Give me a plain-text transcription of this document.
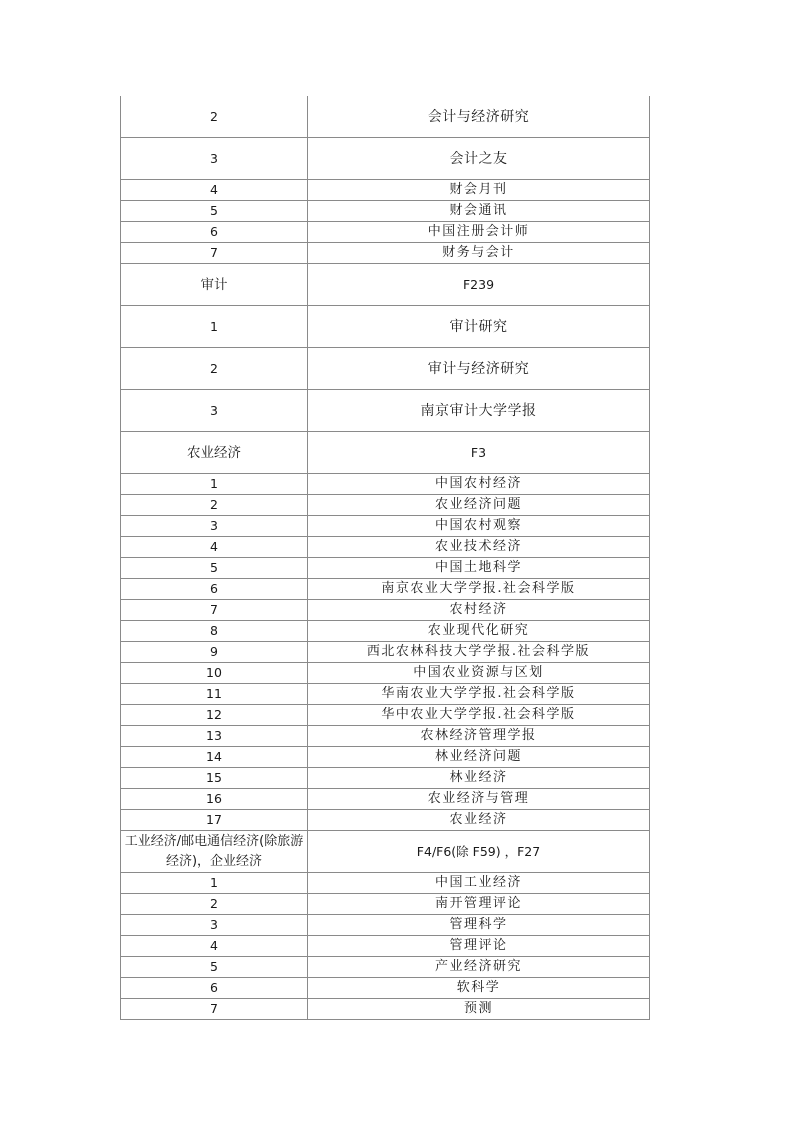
2	会计与经济研究
3	会计之友
4	财会月刊
5	财会通讯
6	中国注册会计师
7	财务与会计
审计	F239
1	审计研究
2	审计与经济研究
3	南京审计大学学报
农业经济	F3
1	中国农村经济
2	农业经济问题
3	中国农村观察
4	农业技术经济
5	中国土地科学
6	南京农业大学学报.社会科学版
7	农村经济
8	农业现代化研究
9	西北农林科技大学学报.社会科学版
10	中国农业资源与区划
11	华南农业大学学报.社会科学版
12	华中农业大学学报.社会科学版
13	农林经济管理学报
14	林业经济问题
15	林业经济
16	农业经济与管理
17	农业经济
工业经济/邮电通信经济(除旅游经济)，企业经济	F4/F6(除 F59) ，F27
1	中国工业经济
2	南开管理评论
3	管理科学
4	管理评论
5	产业经济研究
6	软科学
7	预测
